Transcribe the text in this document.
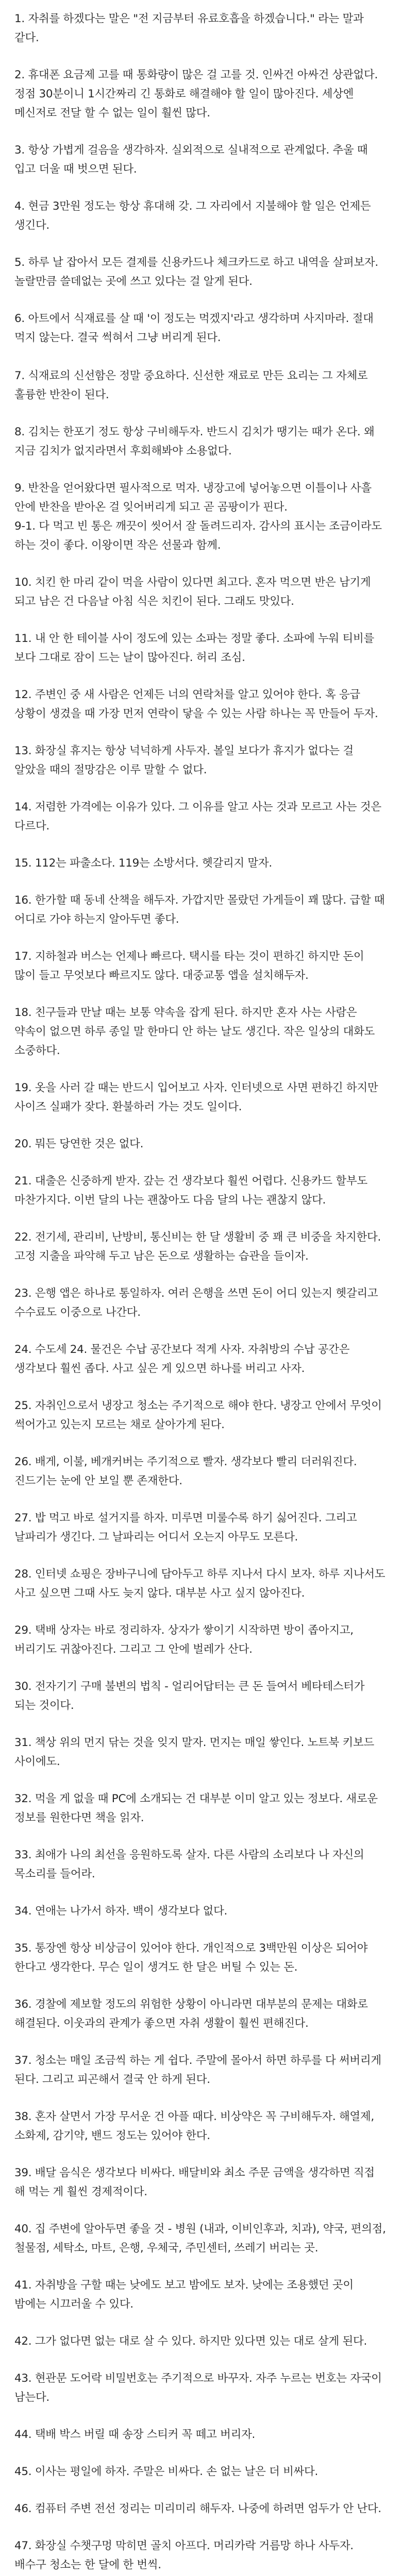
1. 자취를 하겠다는 말은 "전 지금부터 유료호흡을 하겠습니다." 라는 말과 같다.
2. 휴대폰 요금제 고를 때 통화량이 많은 걸 고를 것. 인싸건 아싸건 상관없다.
정점 30분이니 1시간짜리 긴 통화로 해결해야 할 일이 많아진다. 세상엔 메신저로 전달 할 수 없는 일이 훨씬 많다.
3. 항상 가볍게 걸음을 생각하자. 실외적으로 실내적으로 관계없다. 추울 때 입고 더울 때 벗으면 된다.
4. 현금 3만원 정도는 항상 휴대해 갖. 그 자리에서 지불해야 할 일은 언제든 생긴다.
5. 하루 날 잡아서 모든 결제를 신용카드나 체크카드로 하고 내역을 살펴보자. 놀랄만큼 쓸데없는 곳에 쓰고 있다는 걸 알게 된다.
6. 아트에서 식재료를 살 때 '이 정도는 먹겠지'라고 생각하며 사지마라. 절대 먹지 않는다. 결국 썩혀서 그냥 버리게 된다.

7. 식재료의 신선함은 정말 중요하다. 신선한 재료로 만든 요리는 그 자체로 훌륭한 반찬이 된다.
8. 김치는 한포기 정도 항상 구비해두자. 반드시 김치가 땡기는 때가 온다. 왜 지금 김치가 없지라면서 후회해봐야 소용없다.
9. 반찬을 얻어왔다면 필사적으로 먹자. 냉장고에 넣어놓으면 이틀이나 사흘 안에 반찬을 받아온 걸 잊어버리게 되고 곧 곰팡이가 핀다.
9-1. 다 먹고 빈 통은 깨끗이 씻어서 잘 돌려드리자. 감사의 표시는 조금이라도 하는 것이 좋다. 이왕이면 작은 선물과 함께.
10. 치킨 한 마리 같이 먹을 사람이 있다면 최고다. 혼자 먹으면 반은 남기게 되고 남은 건 다음날 아침 식은 치킨이 된다. 그래도 맛있다.
11. 내 안 한 테이블 사이 정도에 있는 소파는 정말 좋다. 소파에 누워 티비를 보다 그대로 잠이 드는 날이 많아진다. 허리 조심.
12. 주변인 중 새 사람은 언제든 너의 연락처를 알고 있어야 한다. 혹 응급 상황이 생겼을 때 가장 먼저 연락이 닿을 수 있는 사람 하나는 꼭 만들어 두자.
13. 화장실 휴지는 항상 넉넉하게 사두자. 볼일 보다가 휴지가 없다는 걸 알았을 때의 절망감은 이루 말할 수 없다.
14. 저렴한 가격에는 이유가 있다. 그 이유를 알고 사는 것과 모르고 사는 것은 다르다.
15. 112는 파출소다. 119는 소방서다. 헷갈리지 말자.
16. 한가할 때 동네 산책을 해두자. 가깝지만 몰랐던 가게들이 꽤 많다. 급할 때 어디로 가야 하는지 알아두면 좋다.
17. 지하철과 버스는 언제나 빠르다. 택시를 타는 것이 편하긴 하지만 돈이 많이 들고 무엇보다 빠르지도 않다. 대중교통 앱을 설치해두자.
18. 친구들과 만날 때는 보통 약속을 잡게 된다. 하지만 혼자 사는 사람은 약속이 없으면 하루 종일 말 한마디 안 하는 날도 생긴다. 작은 일상의 대화도 소중하다.
19. 옷을 사러 갈 때는 반드시 입어보고 사자. 인터넷으로 사면 편하긴 하지만 사이즈 실패가 잦다. 환불하러 가는 것도 일이다.
20. 뭐든 당연한 것은 없다.
21. 대출은 신중하게 받자. 갚는 건 생각보다 훨씬 어렵다. 신용카드 할부도 마찬가지다. 이번 달의 나는 괜찮아도 다음 달의 나는 괜찮지 않다.
22. 전기세, 관리비, 난방비, 통신비는 한 달 생활비 중 꽤 큰 비중을 차지한다. 고정 지출을 파악해 두고 남은 돈으로 생활하는 습관을 들이자.
23. 은행 앱은 하나로 통일하자. 여러 은행을 쓰면 돈이 어디 있는지 헷갈리고 수수료도 이중으로 나간다.
24. 수도세 24. 물건은 수납 공간보다 적게 사자. 자취방의 수납 공간은 생각보다 훨씬 좁다. 사고 싶은 게 있으면 하나를 버리고 사자.
25. 자취인으로서 냉장고 청소는 주기적으로 해야 한다. 냉장고 안에서 무엇이 썩어가고 있는지 모르는 채로 살아가게 된다.
26. 배게, 이불, 베개커버는 주기적으로 빨자. 생각보다 빨리 더러워진다. 진드기는 눈에 안 보일 뿐 존재한다.
27. 밥 먹고 바로 설거지를 하자. 미루면 미룰수록 하기 싫어진다. 그리고 날파리가 생긴다. 그 날파리는 어디서 오는지 아무도 모른다.
28. 인터넷 쇼핑은 장바구니에 담아두고 하루 지나서 다시 보자. 하루 지나서도 사고 싶으면 그때 사도 늦지 않다. 대부분 사고 싶지 않아진다.
29. 택배 상자는 바로 정리하자. 상자가 쌓이기 시작하면 방이 좁아지고, 버리기도 귀찮아진다. 그리고 그 안에 벌레가 산다.
30. 전자기기 구매 불변의 법칙 - 얼리어답터는 큰 돈 들여서 베타테스터가 되는 것이다.
31. 책상 위의 먼지 닦는 것을 잊지 말자. 먼지는 매일 쌓인다. 노트북 키보드 사이에도.
32. 먹을 게 없을 때 PC에 소개되는 건 대부분 이미 알고 있는 정보다. 새로운 정보를 원한다면 책을 읽자.
33. 최애가 나의 최선을 응원하도록 살자. 다른 사람의 소리보다 나 자신의 목소리를 들어라.
34. 연애는 나가서 하자. 백이 생각보다 없다.
35. 통장엔 항상 비상금이 있어야 한다. 개인적으로 3백만원 이상은 되어야 한다고 생각한다. 무슨 일이 생겨도 한 달은 버틸 수 있는 돈.
36. 경찰에 제보할 정도의 위험한 상황이 아니라면 대부분의 문제는 대화로 해결된다. 이웃과의 관계가 좋으면 자취 생활이 훨씬 편해진다.
37. 청소는 매일 조금씩 하는 게 쉽다. 주말에 몰아서 하면 하루를 다 써버리게 된다. 그리고 피곤해서 결국 안 하게 된다.
38. 혼자 살면서 가장 무서운 건 아플 때다. 비상약은 꼭 구비해두자. 해열제, 소화제, 감기약, 밴드 정도는 있어야 한다.
39. 배달 음식은 생각보다 비싸다. 배달비와 최소 주문 금액을 생각하면 직접 해 먹는 게 훨씬 경제적이다.
40. 집 주변에 알아두면 좋을 것 - 병원 (내과, 이비인후과, 치과), 약국, 편의점, 철물점, 세탁소, 마트, 은행, 우체국, 주민센터, 쓰레기 버리는 곳.
41. 자취방을 구할 때는 낮에도 보고 밤에도 보자. 낮에는 조용했던 곳이 밤에는 시끄러울 수 있다.
42. 그가 없다면 없는 대로 살 수 있다. 하지만 있다면 있는 대로 살게 된다.
43. 현관문 도어락 비밀번호는 주기적으로 바꾸자. 자주 누르는 번호는 자국이 남는다.
44. 택배 박스 버릴 때 송장 스티커 꼭 떼고 버리자.
45. 이사는 평일에 하자. 주말은 비싸다. 손 없는 날은 더 비싸다.
46. 컴퓨터 주변 전선 정리는 미리미리 해두자. 나중에 하려면 엄두가 안 난다.
47. 화장실 수챗구멍 막히면 골치 아프다. 머리카락 거름망 하나 사두자. 배수구 청소는 한 달에 한 번씩.
